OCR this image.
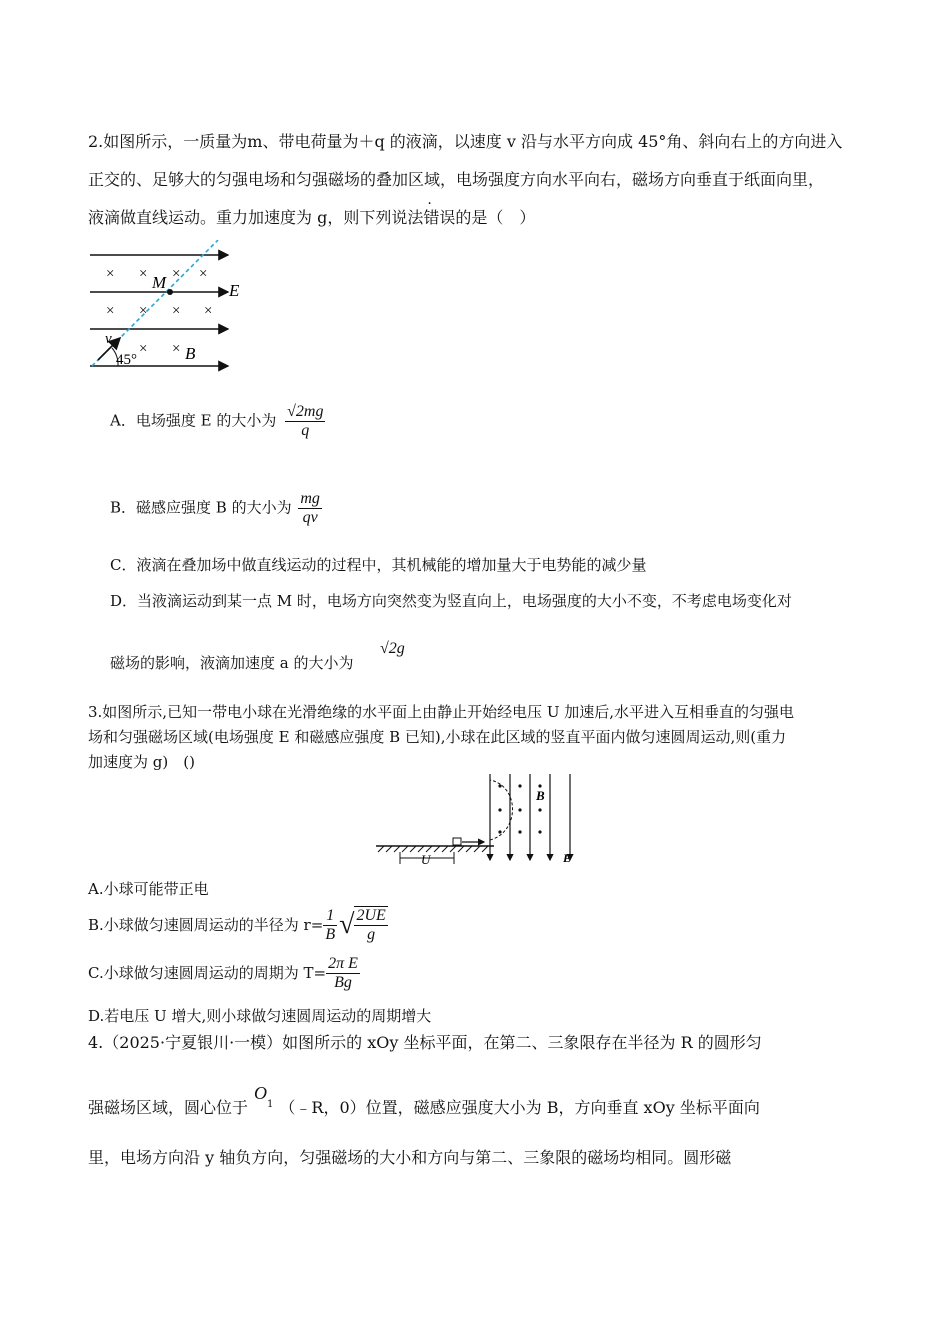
2.如图所示，一质量为m、带电荷量为＋q 的液滴，以速度 v 沿与水平方向成 45°角、斜向右上的方向进入
正交的、足够大的匀强电场和匀强磁场的叠加区域，电场强度方向水平向右，磁场方向垂直于纸面向里，
液滴做直线运动。重力加速度为 g，则下列说法错误的是（　）
× × × ×
× × × ×
× ×
M	E
v
B
45°
A．电场强度 E 的大小为 $\frac{√2mg}{q}$
B．磁感应强度 B 的大小为 $\frac{mg}{qv}$
C．液滴在叠加场中做直线运动的过程中，其机械能的增加量大于电势能的减少量
D．当液滴运动到某一点 M 时，电场方向突然变为竖直向上，电场强度的大小不变，不考虑电场变化对
磁场的影响，液滴加速度 a 的大小为
√2g
3.如图所示,已知一带电小球在光滑绝缘的水平面上由静止开始经电压 U 加速后,水平进入互相垂直的匀强电
场和匀强磁场区域(电场强度 E 和磁感应强度 B 已知),小球在此区域的竖直平面内做匀速圆周运动,则(重力
加速度为 g)　()
U
B
E
A.小球可能带正电
B.小球做匀速圆周运动的半径为 $r= \frac{1}{B}$ √ $\frac{2UE}{g}$
C.小球做匀速圆周运动的周期为 $T= \frac{\text{2π E}}{Bg}$
D.若电压 U 增大,则小球做匀速圆周运动的周期增大
4.（2025·宁夏银川·一模）如图所示的 xOy 坐标平面，在第二、三象限存在半径为 R 的圆形匀
强磁场区域，圆心位于$O^1$ （﹣R，0）位置，磁感应强度大小为 B，方向垂直 xOy 坐标平面向
里，电场方向沿 y 轴负方向，匀强磁场的大小和方向与第二、三象限的磁场均相同。圆形磁
